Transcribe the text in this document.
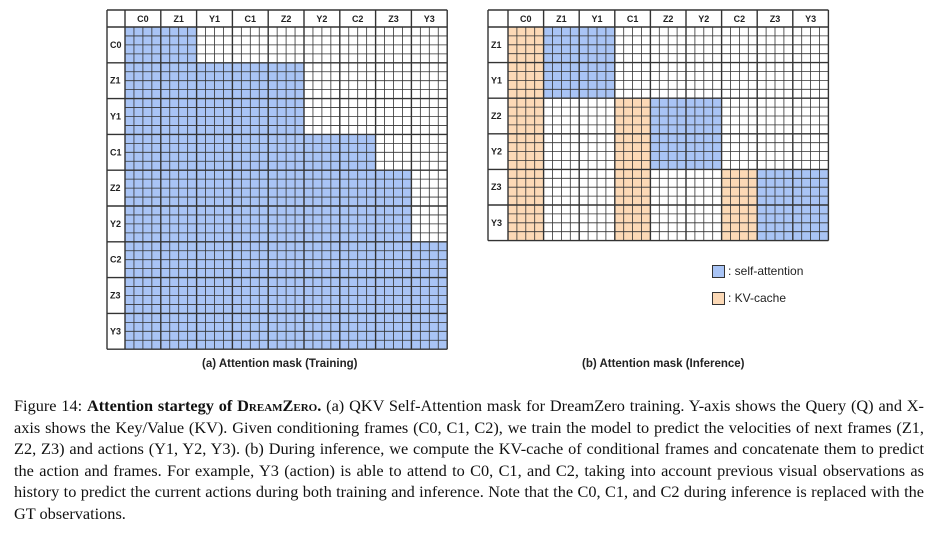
C0	Z1	Y1	C1	Z2	Y2	C2	Z3	Y3
C0
Z1
Y1
C1
Z2
Y2
C2
Z3
Y3
C0	Z1	Y1	C1	Z2	Y2	C2	Z3	Y3
Z1
Y1
Z2
Y2
Z3
Y3
(a) Attention mask (Training)	(b) Attention mask (Inference)
: self-attention
: KV-cache
Figure 14: Attention startegy of DreamZero. (a) QKV Self-Attention mask for DreamZero training. Y-axis shows the Query (Q) and X-axis shows the Key/Value (KV). Given conditioning frames (C0, C1, C2), we train the model to predict the velocities of next frames (Z1, Z2, Z3) and actions (Y1, Y2, Y3). (b) During inference, we compute the KV-cache of conditional frames and concatenate them to predict the action and frames. For example, Y3 (action) is able to attend to C0, C1, and C2, taking into account previous visual observations as history to predict the current actions during both training and inference. Note that the C0, C1, and C2 during inference is replaced with the GT observations.
